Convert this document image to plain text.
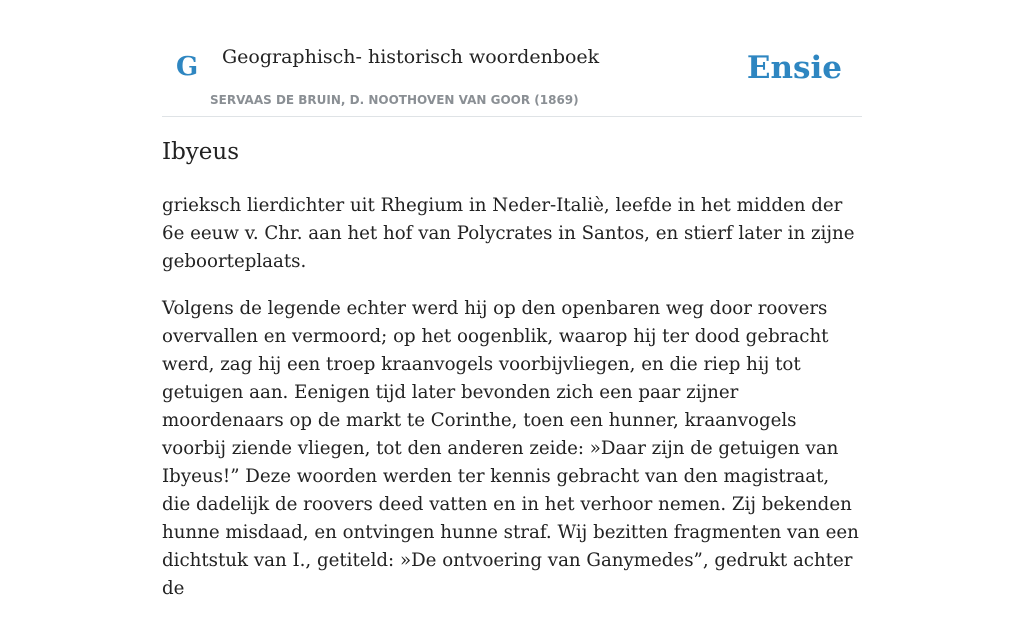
G Geographisch- historisch woordenboek
SERVAAS DE BRUIN, D. NOOTHOVEN VAN GOOR (1869)
Ensie
Ibyeus

grieksch lierdichter uit Rhegium in Neder-Italiè, leefde in het midden der 6e eeuw v. Chr. aan het hof van Polycrates in Santos, en stierf later in zijne geboorteplaats.

Volgens de legende echter werd hij op den openbaren weg door roovers overvallen en vermoord; op het oogenblik, waarop hij ter dood gebracht werd, zag hij een troep kraanvogels voorbijvliegen, en die riep hij tot getuigen aan. Eenigen tijd later bevonden zich een paar zijner moordenaars op de markt te Corinthe, toen een hunner, kraanvogels voorbij ziende vliegen, tot den anderen zeide: »Daar zijn de getuigen van Ibyeus!” Deze woorden werden ter kennis gebracht van den magistraat, die dadelijk de roovers deed vatten en in het verhoor nemen. Zij bekenden hunne misdaad, en ontvingen hunne straf. Wij bezitten fragmenten van een dichtstuk van I., getiteld: »De ontvoering van Ganymedes”, gedrukt achter de
